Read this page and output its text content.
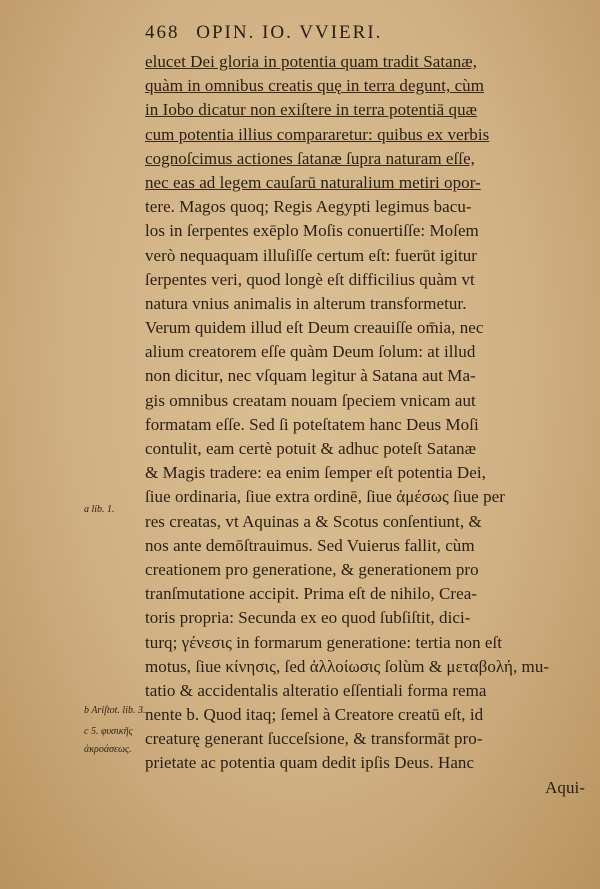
468 OPIN. IO. VVIERI.
elucet Dei gloria in potentia quam tradit Satanæ,
quàm in omnibus creatis quę in terra degunt, cùm
in Iobo dicatur non exiſtere in terra potentiā quæ
cum potentia illius compararetur: quibus ex verbis
cognoſcimus actiones ſatanæ ſupra naturam eſſe,
nec eas ad legem cauſarū naturalium metiri opor-
tere. Magos quoq; Regis Aegypti legimus bacu-
los in ſerpentes exēplo Moſis conuertiſſe: Moſem
verò nequaquam illuſiſſe certum eſt: fuerūt igitur
ſerpentes veri, quod longè eſt difficilius quàm vt
natura vnius animalis in alterum transformetur.
Verum quidem illud eſt Deum creauiſſe om̄ia, nec
alium creatorem eſſe quàm Deum ſolum: at illud
non dicitur, nec vſquam legitur à Satana aut Ma-
gis omnibus creatam nouam ſpeciem vnicam aut
formatam eſſe. Sed ſi poteſtatem hanc Deus Moſi
contulit, eam certè potuit & adhuc poteſt Satanæ
& Magis tradere: ea enim ſemper eſt potentia Dei,
ſiue ordinaria, ſiue extra ordinē, ſiue ἀμέσως ſiue per
res creatas, vt Aquinas a & Scotus conſentiunt, &
nos ante demōſtrauimus. Sed Vuierus fallit, cùm
creationem pro generatione, & generationem pro
tranſmutatione accipit. Prima eſt de nihilo, Crea-
toris propria: Secunda ex eo quod ſubſiſtit, dici-
turq; γένεσις in formarum generatione: tertia non eſt
motus, ſiue κίνησις, ſed ἀλλοίωσις ſolùm & μεταβολή, mu-
tatio & accidentalis alteratio eſſentiali forma rema
nente b. Quod itaq; ſemel à Creatore creatū eſt, id
creaturę generant ſucceſsione, & transformāt pro-
prietate ac potentia quam dedit ipſis Deus. Hanc
Aqui-
a lib. 1.
b Ariſtot. lib. 3.
c 5. φυσικῆς
ἀκροάσεως.
